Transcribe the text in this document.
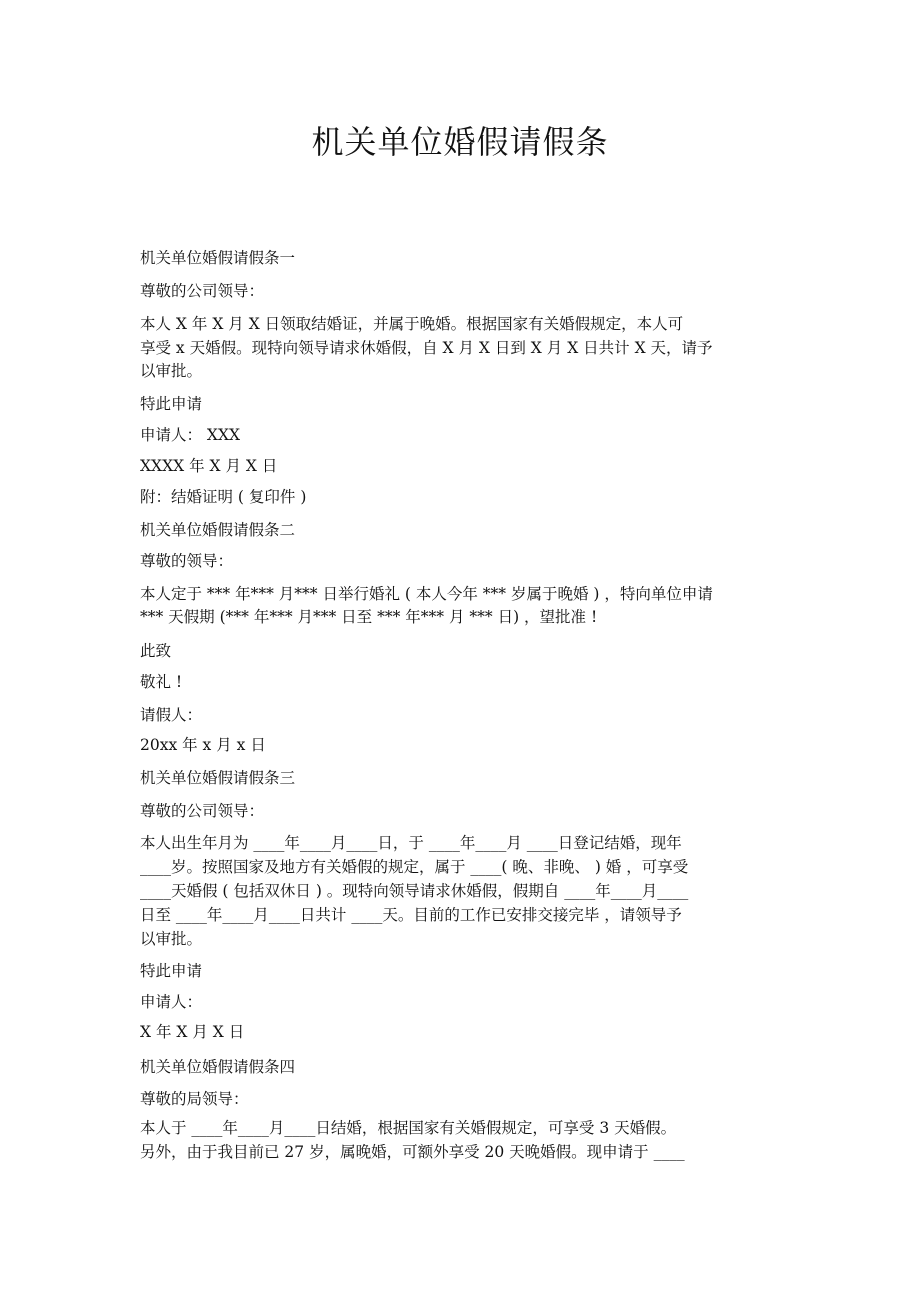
机关单位婚假请假条
机关单位婚假请假条一
尊敬的公司领导：
本人 X 年 X 月 X 日领取结婚证，并属于晚婚。根据国家有关婚假规定，本人可
享受 x 天婚假。现特向领导请求休婚假，自 X 月 X 日到 X 月 X 日共计 X 天，请予
以审批。
特此申请
申请人： XXX
XXXX 年 X 月 X 日
附：结婚证明 ( 复印件 )
机关单位婚假请假条二
尊敬的领导：
本人定于 *** 年*** 月*** 日举行婚礼 ( 本人今年 *** 岁属于晚婚 ) ，特向单位申请
*** 天假期 (*** 年*** 月*** 日至 *** 年*** 月 *** 日) ，望批准 !
此致
敬礼 !
请假人：
20xx 年 x 月 x 日
机关单位婚假请假条三
尊敬的公司领导：
本人出生年月为 ____年____月____日，于 ____年____月 ____日登记结婚，现年
____岁。按照国家及地方有关婚假的规定，属于 ____( 晚、非晚、 ) 婚 ，可享受
____天婚假 ( 包括双休日 ) 。现特向领导请求休婚假，假期自 ____年____月____
日至 ____年____月____日共计 ____天。目前的工作已安排交接完毕 ，请领导予
以审批。
特此申请
申请人：
X 年 X 月 X 日
机关单位婚假请假条四
尊敬的局领导：
本人于 ____年____月____日结婚，根据国家有关婚假规定，可享受 3 天婚假。
另外，由于我目前已 27 岁，属晚婚，可额外享受 20 天晚婚假。现申请于 ____
